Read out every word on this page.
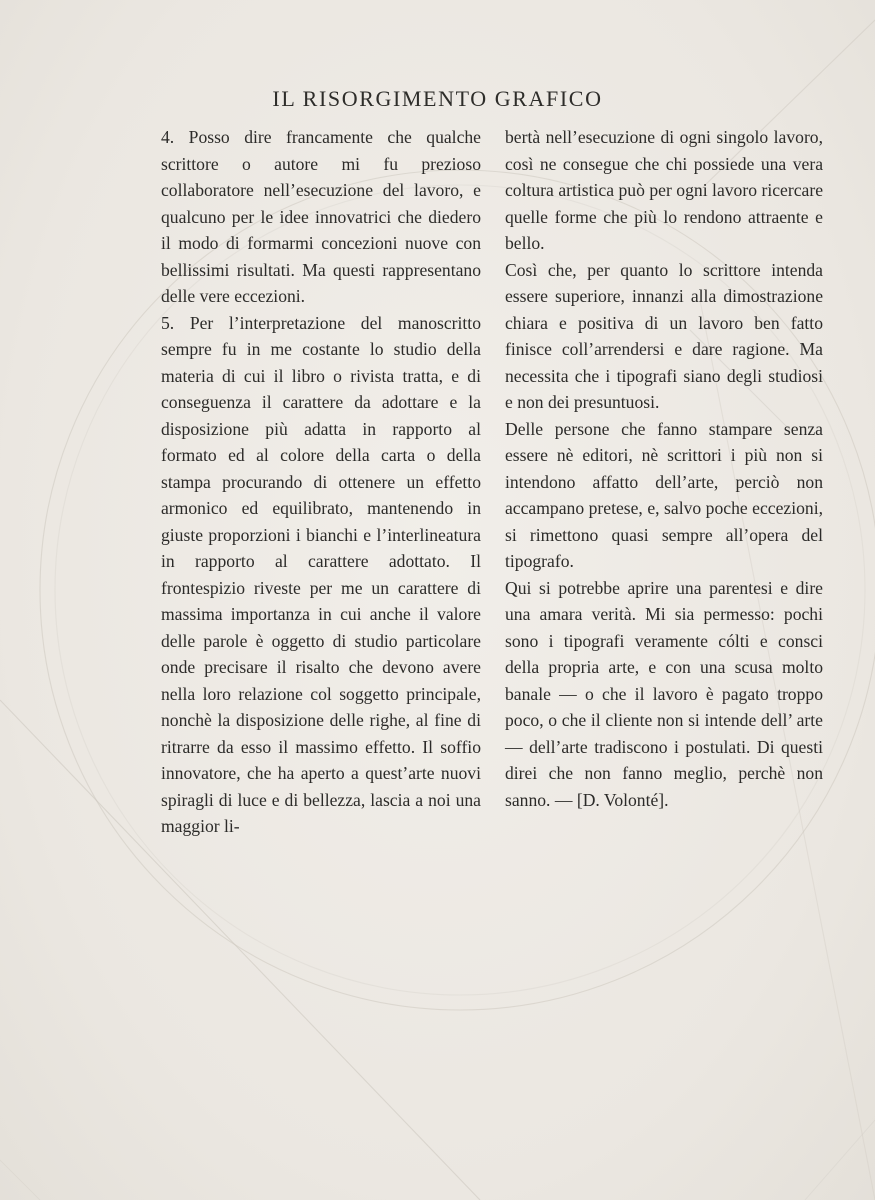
IL RISORGIMENTO GRAFICO

4. Posso dire francamente che qualche scrittore o autore mi fu prezioso collaboratore nell’esecuzione del lavoro, e qualcuno per le idee innovatrici che diedero il modo di formarmi concezioni nuove con bellissimi risultati. Ma questi rappresentano delle vere eccezioni.

5. Per l’interpretazione del manoscritto sempre fu in me costante lo studio della materia di cui il libro o rivista tratta, e di conseguenza il carattere da adottare e la disposizione più adatta in rapporto al formato ed al colore della carta o della stampa procurando di ottenere un effetto armonico ed equilibrato, mantenendo in giuste proporzioni i bianchi e l’interlineatura in rapporto al carattere adottato. Il frontespizio riveste per me un carattere di massima importanza in cui anche il valore delle parole è oggetto di studio particolare onde precisare il risalto che devono avere nella loro relazione col soggetto principale, nonchè la disposizione delle righe, al fine di ritrarre da esso il massimo effetto. Il soffio innovatore, che ha aperto a quest’arte nuovi spiragli di luce e di bellezza, lascia a noi una maggior li-

bertà nell’esecuzione di ogni singolo lavoro, così ne consegue che chi possiede una vera coltura artistica può per ogni lavoro ricercare quelle forme che più lo rendono attraente e bello.

Così che, per quanto lo scrittore intenda essere superiore, innanzi alla dimostrazione chiara e positiva di un lavoro ben fatto finisce coll’arrendersi e dare ragione. Ma necessita che i tipografi siano degli studiosi e non dei presuntuosi.

Delle persone che fanno stampare senza essere nè editori, nè scrittori i più non si intendono affatto dell’arte, perciò non accampano pretese, e, salvo poche eccezioni, si rimettono quasi sempre all’opera del tipografo.

Qui si potrebbe aprire una parentesi e dire una amara verità. Mi sia permesso: pochi sono i tipografi veramente cólti e consci della propria arte, e con una scusa molto banale — o che il lavoro è pagato troppo poco, o che il cliente non si intende dell’ arte — dell’arte tradiscono i postulati. Di questi direi che non fanno meglio, perchè non sanno. — [D. Volonté].
